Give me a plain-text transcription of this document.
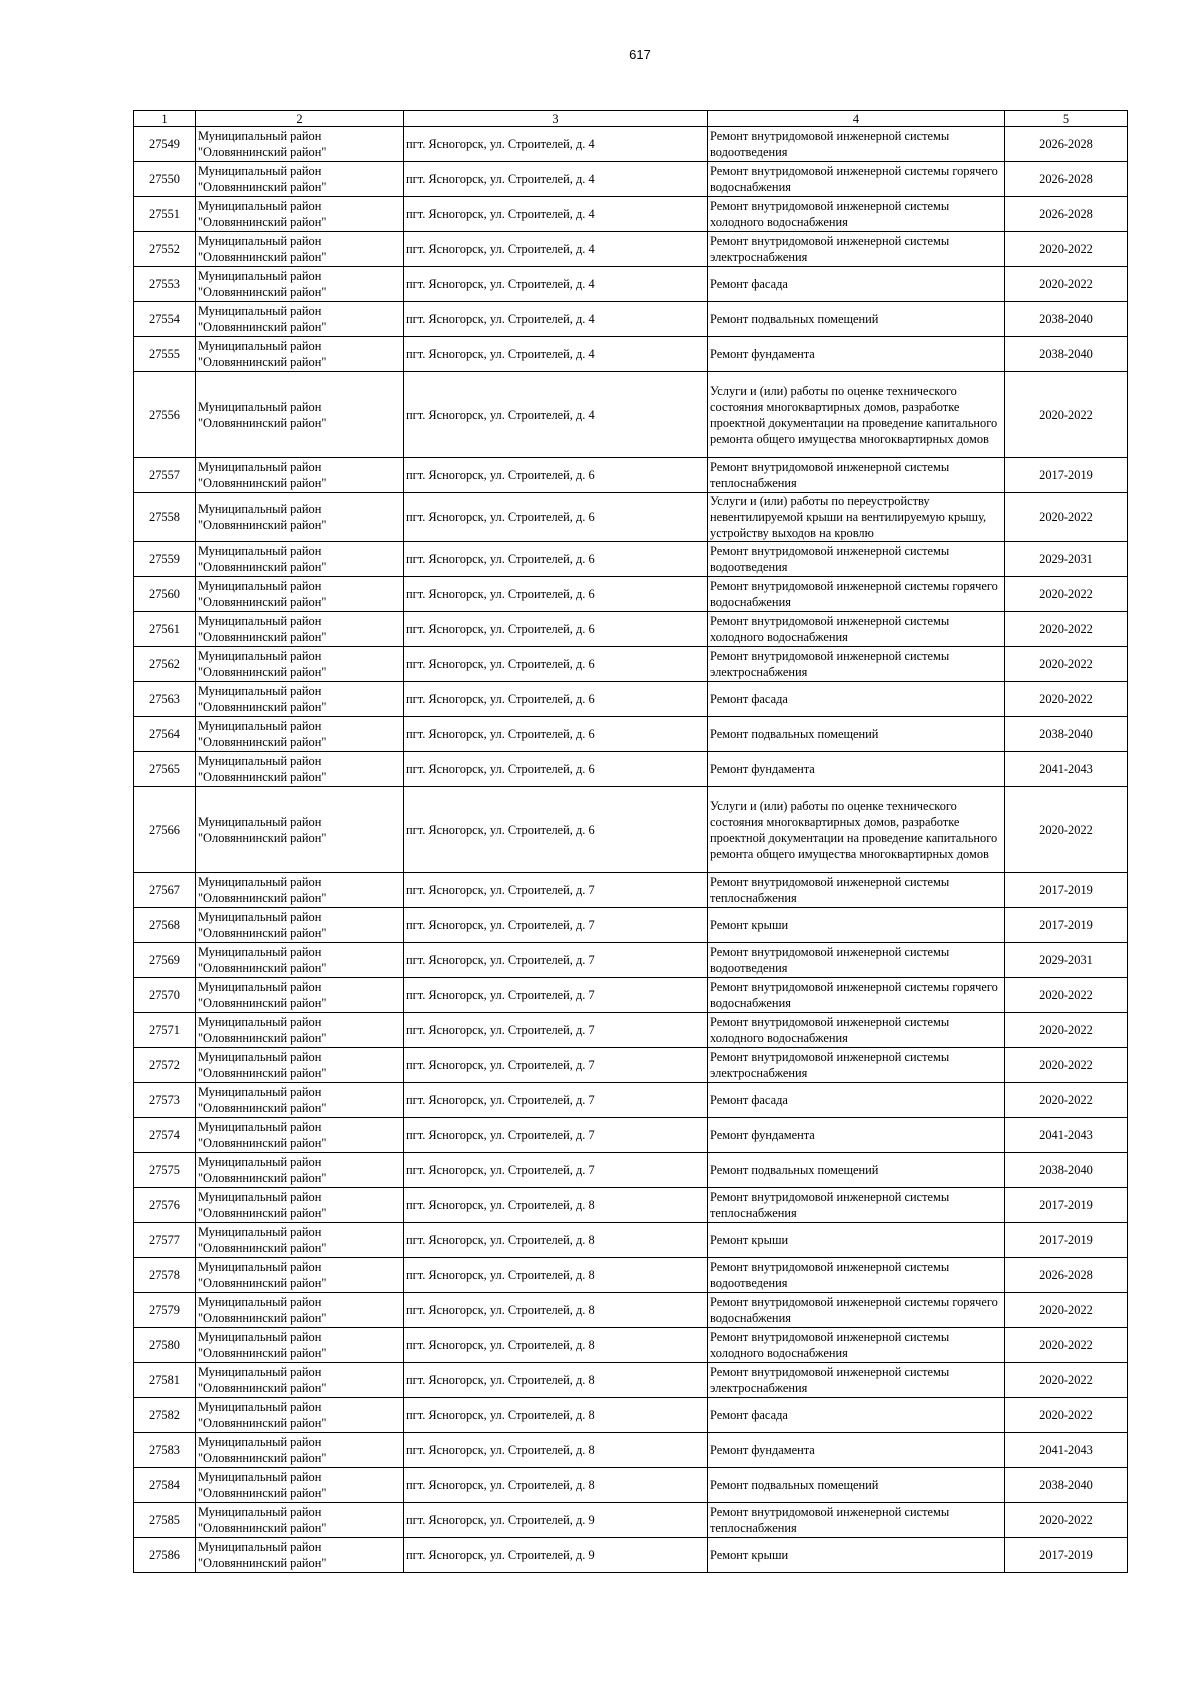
617
1	2	3	4	5
27549	Муниципальный район "Оловяннинский район"	пгт. Ясногорск, ул. Строителей, д. 4	Ремонт внутридомовой инженерной системы водоотведения	2026-2028
27550	Муниципальный район "Оловяннинский район"	пгт. Ясногорск, ул. Строителей, д. 4	Ремонт внутридомовой инженерной системы горячего водоснабжения	2026-2028
27551	Муниципальный район "Оловяннинский район"	пгт. Ясногорск, ул. Строителей, д. 4	Ремонт внутридомовой инженерной системы холодного водоснабжения	2026-2028
27552	Муниципальный район "Оловяннинский район"	пгт. Ясногорск, ул. Строителей, д. 4	Ремонт внутридомовой инженерной системы электроснабжения	2020-2022
27553	Муниципальный район "Оловяннинский район"	пгт. Ясногорск, ул. Строителей, д. 4	Ремонт фасада	2020-2022
27554	Муниципальный район "Оловяннинский район"	пгт. Ясногорск, ул. Строителей, д. 4	Ремонт подвальных помещений	2038-2040
27555	Муниципальный район "Оловяннинский район"	пгт. Ясногорск, ул. Строителей, д. 4	Ремонт фундамента	2038-2040
27556	Муниципальный район "Оловяннинский район"	пгт. Ясногорск, ул. Строителей, д. 4	Услуги и (или) работы по оценке технического состояния многоквартирных домов, разработке проектной документации на проведение капитального ремонта общего имущества многоквартирных домов	2020-2022
27557	Муниципальный район "Оловяннинский район"	пгт. Ясногорск, ул. Строителей, д. 6	Ремонт внутридомовой инженерной системы теплоснабжения	2017-2019
27558	Муниципальный район "Оловяннинский район"	пгт. Ясногорск, ул. Строителей, д. 6	Услуги и (или) работы по переустройству невентилируемой крыши на вентилируемую крышу, устройству выходов на кровлю	2020-2022
27559	Муниципальный район "Оловяннинский район"	пгт. Ясногорск, ул. Строителей, д. 6	Ремонт внутридомовой инженерной системы водоотведения	2029-2031
27560	Муниципальный район "Оловяннинский район"	пгт. Ясногорск, ул. Строителей, д. 6	Ремонт внутридомовой инженерной системы горячего водоснабжения	2020-2022
27561	Муниципальный район "Оловяннинский район"	пгт. Ясногорск, ул. Строителей, д. 6	Ремонт внутридомовой инженерной системы холодного водоснабжения	2020-2022
27562	Муниципальный район "Оловяннинский район"	пгт. Ясногорск, ул. Строителей, д. 6	Ремонт внутридомовой инженерной системы электроснабжения	2020-2022
27563	Муниципальный район "Оловяннинский район"	пгт. Ясногорск, ул. Строителей, д. 6	Ремонт фасада	2020-2022
27564	Муниципальный район "Оловяннинский район"	пгт. Ясногорск, ул. Строителей, д. 6	Ремонт подвальных помещений	2038-2040
27565	Муниципальный район "Оловяннинский район"	пгт. Ясногорск, ул. Строителей, д. 6	Ремонт фундамента	2041-2043
27566	Муниципальный район "Оловяннинский район"	пгт. Ясногорск, ул. Строителей, д. 6	Услуги и (или) работы по оценке технического состояния многоквартирных домов, разработке проектной документации на проведение капитального ремонта общего имущества многоквартирных домов	2020-2022
27567	Муниципальный район "Оловяннинский район"	пгт. Ясногорск, ул. Строителей, д. 7	Ремонт внутридомовой инженерной системы теплоснабжения	2017-2019
27568	Муниципальный район "Оловяннинский район"	пгт. Ясногорск, ул. Строителей, д. 7	Ремонт крыши	2017-2019
27569	Муниципальный район "Оловяннинский район"	пгт. Ясногорск, ул. Строителей, д. 7	Ремонт внутридомовой инженерной системы водоотведения	2029-2031
27570	Муниципальный район "Оловяннинский район"	пгт. Ясногорск, ул. Строителей, д. 7	Ремонт внутридомовой инженерной системы горячего водоснабжения	2020-2022
27571	Муниципальный район "Оловяннинский район"	пгт. Ясногорск, ул. Строителей, д. 7	Ремонт внутридомовой инженерной системы холодного водоснабжения	2020-2022
27572	Муниципальный район "Оловяннинский район"	пгт. Ясногорск, ул. Строителей, д. 7	Ремонт внутридомовой инженерной системы электроснабжения	2020-2022
27573	Муниципальный район "Оловяннинский район"	пгт. Ясногорск, ул. Строителей, д. 7	Ремонт фасада	2020-2022
27574	Муниципальный район "Оловяннинский район"	пгт. Ясногорск, ул. Строителей, д. 7	Ремонт фундамента	2041-2043
27575	Муниципальный район "Оловяннинский район"	пгт. Ясногорск, ул. Строителей, д. 7	Ремонт подвальных помещений	2038-2040
27576	Муниципальный район "Оловяннинский район"	пгт. Ясногорск, ул. Строителей, д. 8	Ремонт внутридомовой инженерной системы теплоснабжения	2017-2019
27577	Муниципальный район "Оловяннинский район"	пгт. Ясногорск, ул. Строителей, д. 8	Ремонт крыши	2017-2019
27578	Муниципальный район "Оловяннинский район"	пгт. Ясногорск, ул. Строителей, д. 8	Ремонт внутридомовой инженерной системы водоотведения	2026-2028
27579	Муниципальный район "Оловяннинский район"	пгт. Ясногорск, ул. Строителей, д. 8	Ремонт внутридомовой инженерной системы горячего водоснабжения	2020-2022
27580	Муниципальный район "Оловяннинский район"	пгт. Ясногорск, ул. Строителей, д. 8	Ремонт внутридомовой инженерной системы холодного водоснабжения	2020-2022
27581	Муниципальный район "Оловяннинский район"	пгт. Ясногорск, ул. Строителей, д. 8	Ремонт внутридомовой инженерной системы электроснабжения	2020-2022
27582	Муниципальный район "Оловяннинский район"	пгт. Ясногорск, ул. Строителей, д. 8	Ремонт фасада	2020-2022
27583	Муниципальный район "Оловяннинский район"	пгт. Ясногорск, ул. Строителей, д. 8	Ремонт фундамента	2041-2043
27584	Муниципальный район "Оловяннинский район"	пгт. Ясногорск, ул. Строителей, д. 8	Ремонт подвальных помещений	2038-2040
27585	Муниципальный район "Оловяннинский район"	пгт. Ясногорск, ул. Строителей, д. 9	Ремонт внутридомовой инженерной системы теплоснабжения	2020-2022
27586	Муниципальный район "Оловяннинский район"	пгт. Ясногорск, ул. Строителей, д. 9	Ремонт крыши	2017-2019
